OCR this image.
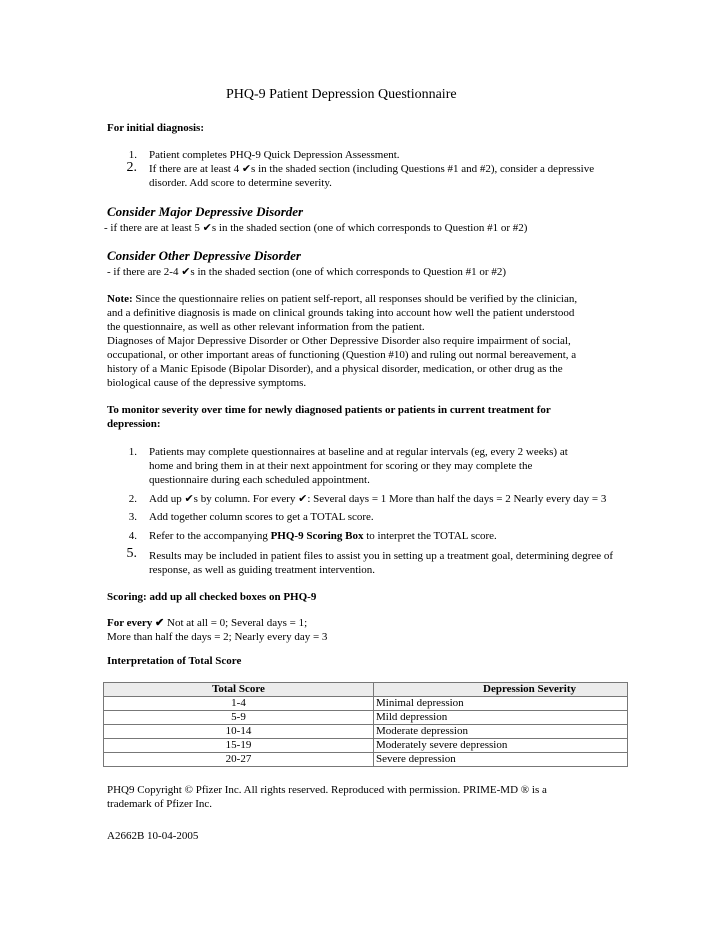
PHQ-9 Patient Depression Questionnaire
For initial diagnosis:
1. Patient completes PHQ-9 Quick Depression Assessment.
2. If there are at least 4 ✔s in the shaded section (including Questions #1 and #2), consider a depressive
disorder. Add score to determine severity.
Consider Major Depressive Disorder
- if there are at least 5 ✔s in the shaded section (one of which corresponds to Question #1 or #2)
Consider Other Depressive Disorder
- if there are 2-4 ✔s in the shaded section (one of which corresponds to Question #1 or #2)
Note: Since the questionnaire relies on patient self-report, all responses should be verified by the clinician,
and a definitive diagnosis is made on clinical grounds taking into account how well the patient understood
the questionnaire, as well as other relevant information from the patient.
Diagnoses of Major Depressive Disorder or Other Depressive Disorder also require impairment of social,
occupational, or other important areas of functioning (Question #10) and ruling out normal bereavement, a
history of a Manic Episode (Bipolar Disorder), and a physical disorder, medication, or other drug as the
biological cause of the depressive symptoms.
To monitor severity over time for newly diagnosed patients or patients in current treatment for
depression:
1. Patients may complete questionnaires at baseline and at regular intervals (eg, every 2 weeks) at
home and bring them in at their next appointment for scoring or they may complete the
questionnaire during each scheduled appointment.
2. Add up ✔s by column. For every ✔: Several days = 1 More than half the days = 2 Nearly every day = 3
3. Add together column scores to get a TOTAL score.
4. Refer to the accompanying PHQ-9 Scoring Box to interpret the TOTAL score.
5. Results may be included in patient files to assist you in setting up a treatment goal, determining degree of
response, as well as guiding treatment intervention.
Scoring: add up all checked boxes on PHQ-9
For every ✔ Not at all = 0; Several days = 1;
More than half the days = 2; Nearly every day = 3
Interpretation of Total Score
Total Score	Depression Severity
1-4	Minimal depression
5-9	Mild depression
10-14	Moderate depression
15-19	Moderately severe depression
20-27	Severe depression
PHQ9 Copyright © Pfizer Inc. All rights reserved. Reproduced with permission. PRIME-MD ® is a
trademark of Pfizer Inc.
A2662B 10-04-2005
